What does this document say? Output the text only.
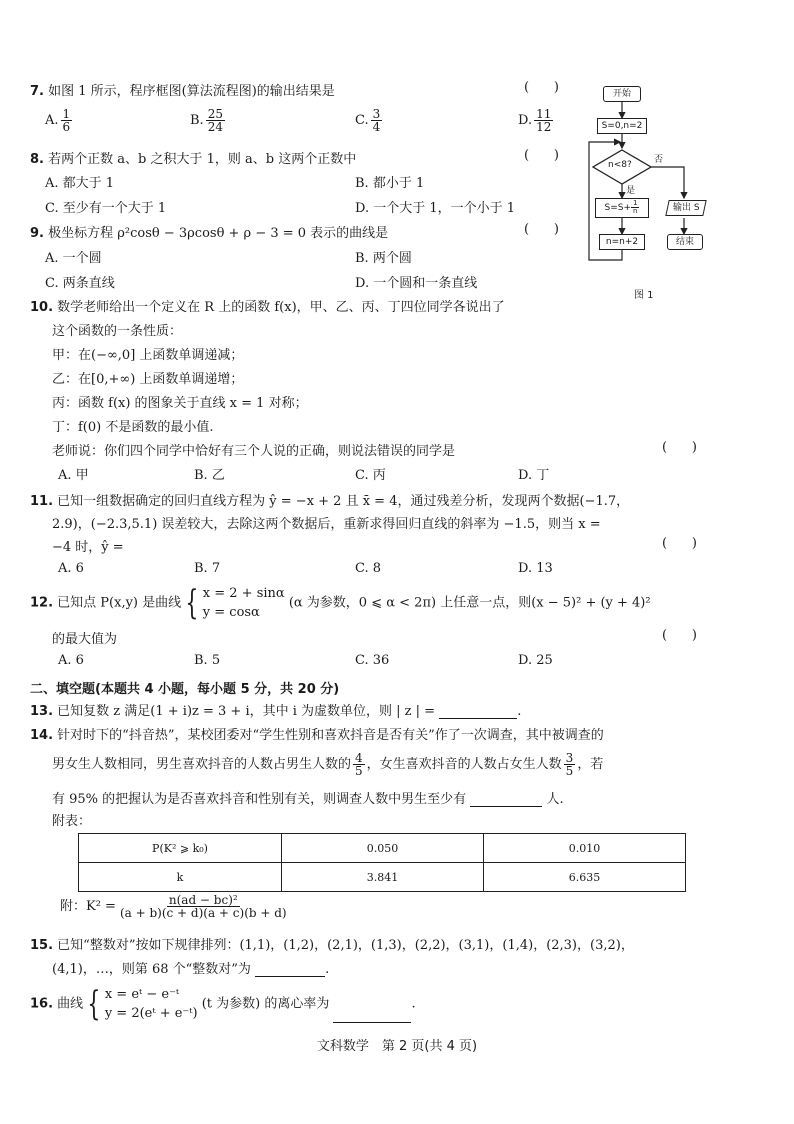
7. 如图 1 所示，程序框图(算法流程图)的输出结果是	(      )
A. $\frac{1}{6}$	B. $\frac{25}{24}$	C. $\frac{3}{4}$	D. $\frac{11}{12}$
8. 若两个正数 a、b 之积大于 1，则 a、b 这两个正数中	(      )
A. 都大于 1	B. 都小于 1
C. 至少有一个大于 1	D. 一个大于 1，一个小于 1
9. 极坐标方程 ρ²cosθ − 3ρcosθ + ρ − 3 = 0 表示的曲线是	(      )
A. 一个圆	B. 两个圆
C. 两条直线	D. 一个圆和一条直线
开始
S=0,n=2
n<8?
是
否
$S=S+ \frac{1}{n}$
n=n+2
输出 S
结束
图 1
10. 数学老师给出一个定义在 R 上的函数 f(x)，甲、乙、丙、丁四位同学各说出了
这个函数的一条性质：
甲：在(−∞,0] 上函数单调递减；
乙：在[0,+∞) 上函数单调递增；
丙：函数 f(x) 的图象关于直线 x = 1 对称；
丁：f(0) 不是函数的最小值.
老师说：你们四个同学中恰好有三个人说的正确，则说法错误的同学是	(      )
A. 甲	B. 乙	C. 丙	D. 丁
11. 已知一组数据确定的回归直线方程为 ŷ = −x + 2 且 x̄ = 4，通过残差分析，发现两个数据(−1.7，
2.9)，(−2.3,5.1) 误差较大，去除这两个数据后，重新求得回归直线的斜率为 −1.5，则当 x =
−4 时，ŷ =	(      )
A. 6	B. 7	C. 8	D. 13
12. 已知点 P(x,y) 是曲线 { x = 2 + sinα
y = cosα
(α 为参数，0 ⩽ α < 2π) 上任意一点，则(x − 5)² + (y + 4)²
的最大值为	(      )
A. 6	B. 5	C. 36	D. 25
二、填空题(本题共 4 小题，每小题 5 分，共 20 分)
13. 已知复数 z 满足(1 + i)z = 3 + i，其中 i 为虚数单位，则 | z | =	.
14. 针对时下的“抖音热”，某校团委对“学生性别和喜欢抖音是否有关”作了一次调查，其中被调查的
男女生人数相同，男生喜欢抖音的人数占男生人数的 $\frac{4}{5}$ ，女生喜欢抖音的人数占女生人数 $\frac{3}{5}$ ，若
有 95% 的把握认为是否喜欢抖音和性别有关，则调查人数中男生至少有	人.
附表：
P(K² ⩾ k₀)	0.050	0.010
k	3.841	6.635
附：$K^2 = \frac{\text{n(ad − bc)²}}{(a + b)(c + d)(a + c)(b + d)}$
15. 已知“整数对”按如下规律排列：(1,1)，(1,2)，(2,1)，(1,3)，(2,2)，(3,1)，(1,4)，(2,3)，(3,2)，
(4,1)，…，则第 68 个“整数对”为	.
16. 曲线 { x = eᵗ − e⁻ᵗ
y = 2(eᵗ + e⁻ᵗ)
(t 为参数) 的离心率为	.
文科数学　第 2 页(共 4 页)
